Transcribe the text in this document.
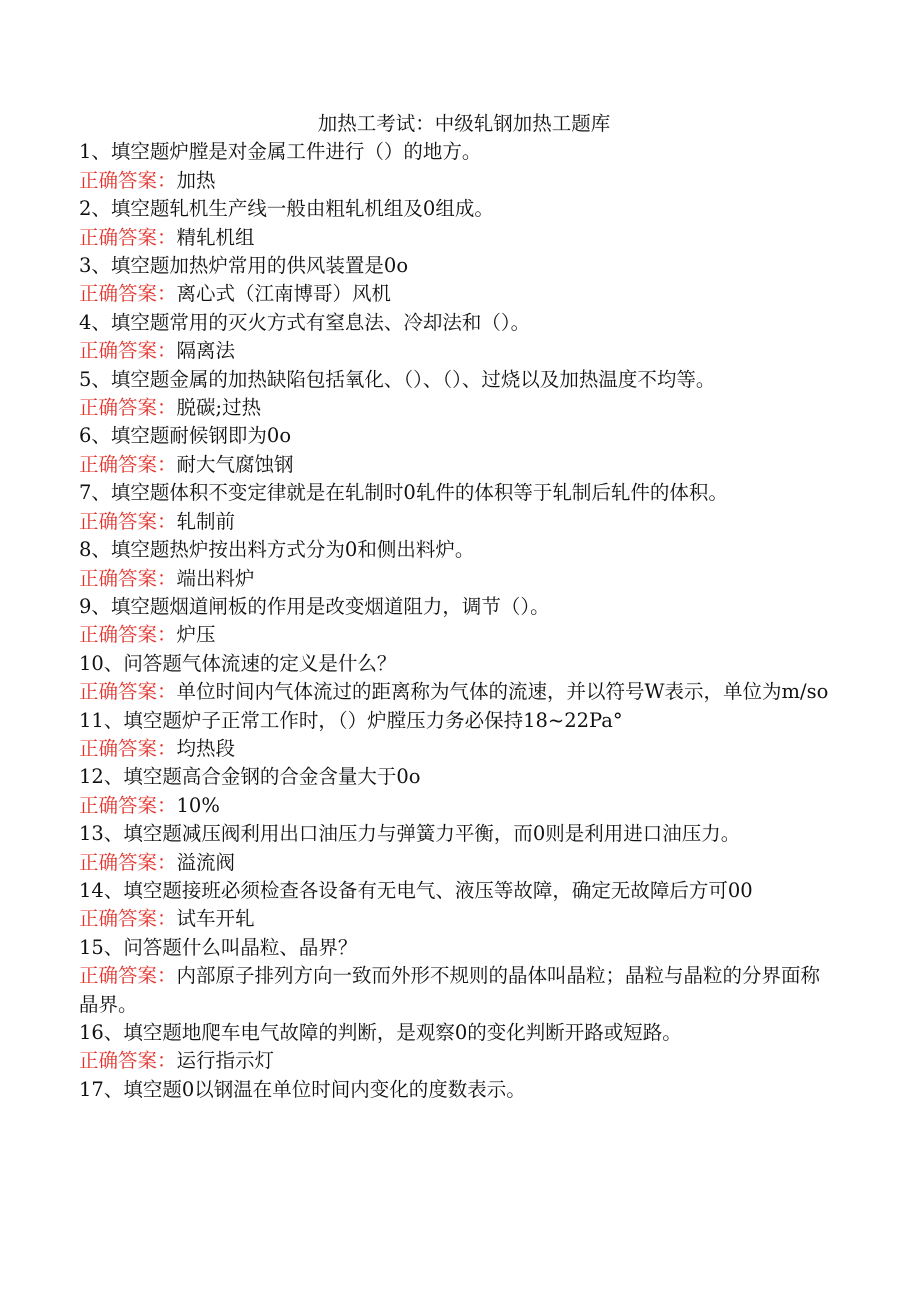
加热工考试：中级轧钢加热工题库

1、填空题炉膛是对金属工件进行（）的地方。

正确答案：加热

2、填空题轧机生产线一般由粗轧机组及0组成。

正确答案：精轧机组

3、填空题加热炉常用的供风装置是0o

正确答案：离心式（江南博哥）风机

4、填空题常用的灭火方式有窒息法、冷却法和（）。

正确答案：隔离法

5、填空题金属的加热缺陷包括氧化、（）、（）、过烧以及加热温度不均等。

正确答案：脱碳;过热

6、填空题耐候钢即为0o

正确答案：耐大气腐蚀钢

7、填空题体积不变定律就是在轧制时0轧件的体积等于轧制后轧件的体积。

正确答案：轧制前

8、填空题热炉按出料方式分为0和侧出料炉。

正确答案：端出料炉

9、填空题烟道闸板的作用是改变烟道阻力，调节（）。

正确答案：炉压

10、问答题气体流速的定义是什么？

正确答案：单位时间内气体流过的距离称为气体的流速，并以符号W表示，单位为m/so

11、填空题炉子正常工作时，（）炉膛压力务必保持18~22Pa°

正确答案：均热段

12、填空题高合金钢的合金含量大于0o

正确答案：10%

13、填空题减压阀利用出口油压力与弹簧力平衡，而0则是利用进口油压力。

正确答案：溢流阀

14、填空题接班必须检查各设备有无电气、液压等故障，确定无故障后方可00

正确答案：试车开轧

15、问答题什么叫晶粒、晶界？

正确答案：内部原子排列方向一致而外形不规则的晶体叫晶粒；晶粒与晶粒的分界面称晶界。

16、填空题地爬车电气故障的判断，是观察0的变化判断开路或短路。

正确答案：运行指示灯

17、填空题0以钢温在单位时间内变化的度数表示。
